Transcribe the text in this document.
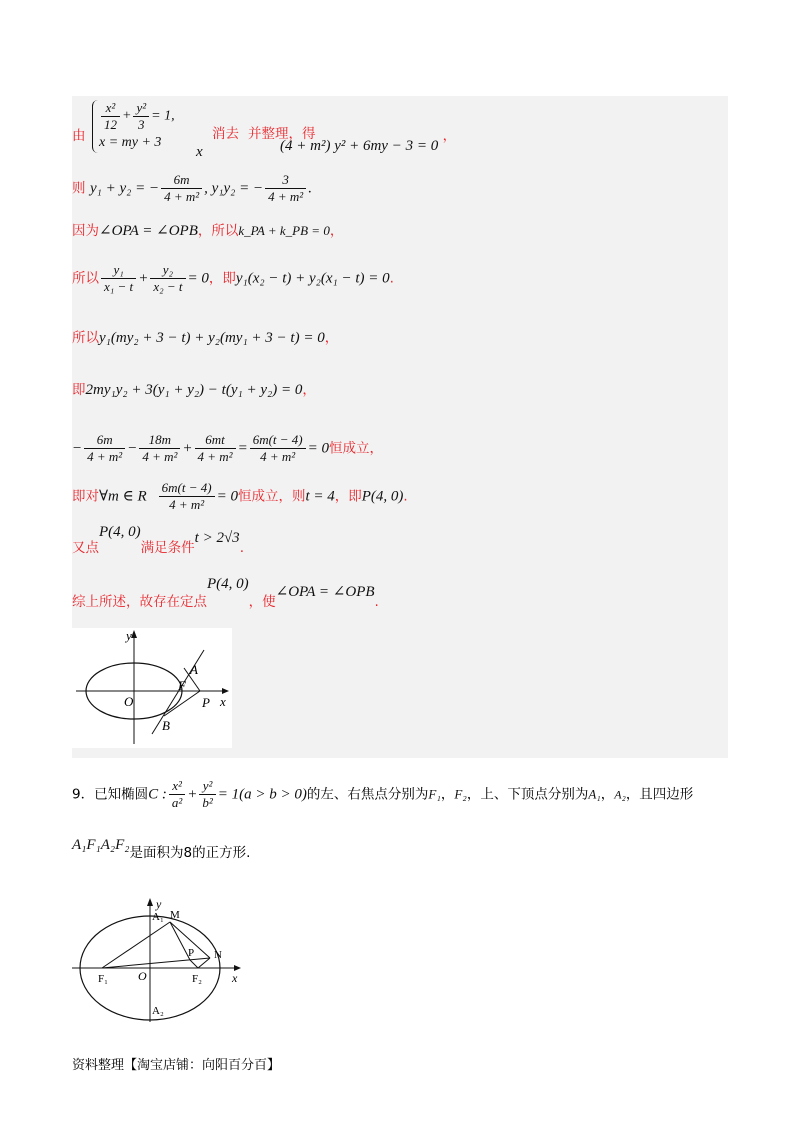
由
$\frac{\text{x²}}{12} + \frac{\text{y²}}{3} = 1$,
x = my + 3
消去
x
并整理，得
(4 + m²) y² + 6my − 3 = 0 ，
则 y₁ + y₂ = − $\frac{6m}{\text{4 + m²}}$ , y₁y₂ = − $\frac{3}{\text{4 + m²}}$ .
因为∠OPA = ∠OPB，所以k_PA + k_PB = 0，
所以 $\frac{\text{y₁}}{\text{x₁ − t}} + \frac{\text{y₂}}{\text{x₂ − t}} = 0$，即y₁(x₂ − t) + y₂(x₁ − t) = 0.
所以y₁(my₂ + 3 − t) + y₂(my₁ + 3 − t) = 0，
即2my₁y₂ + 3(y₁ + y₂) − t(y₁ + y₂) = 0，
− $\frac{6m}{\text{4 + m²}} - \frac{18m}{\text{4 + m²}} + \frac{6mt}{\text{4 + m²}} = \frac{6m(t - 4)}{\text{4 + m²}} = 0$恒成立，
即对∀m ∈ R $\frac{6m(t - 4)}{\text{4 + m²}} = 0$恒成立，则t = 4，即P(4, 0).
又点P(4, 0)满足条件t > 2√3.
综上所述，故存在定点P(4, 0)，使∠OPA = ∠OPB.
y
x
O
F
P
A
B
9．已知椭圆C : $\frac{\text{x²}}{\text{a²}} + \frac{\text{y²}}{\text{b²}} = 1(a > b > 0)$的左、右焦点分别为F₁，F₂，上、下顶点分别为A₁，A₂，且四边形
A₁F₁A₂F₂是面积为8的正方形.
y
x
O
A₁
A₂
F₁	F₂
M
N
P
资料整理【淘宝店铺：向阳百分百】
